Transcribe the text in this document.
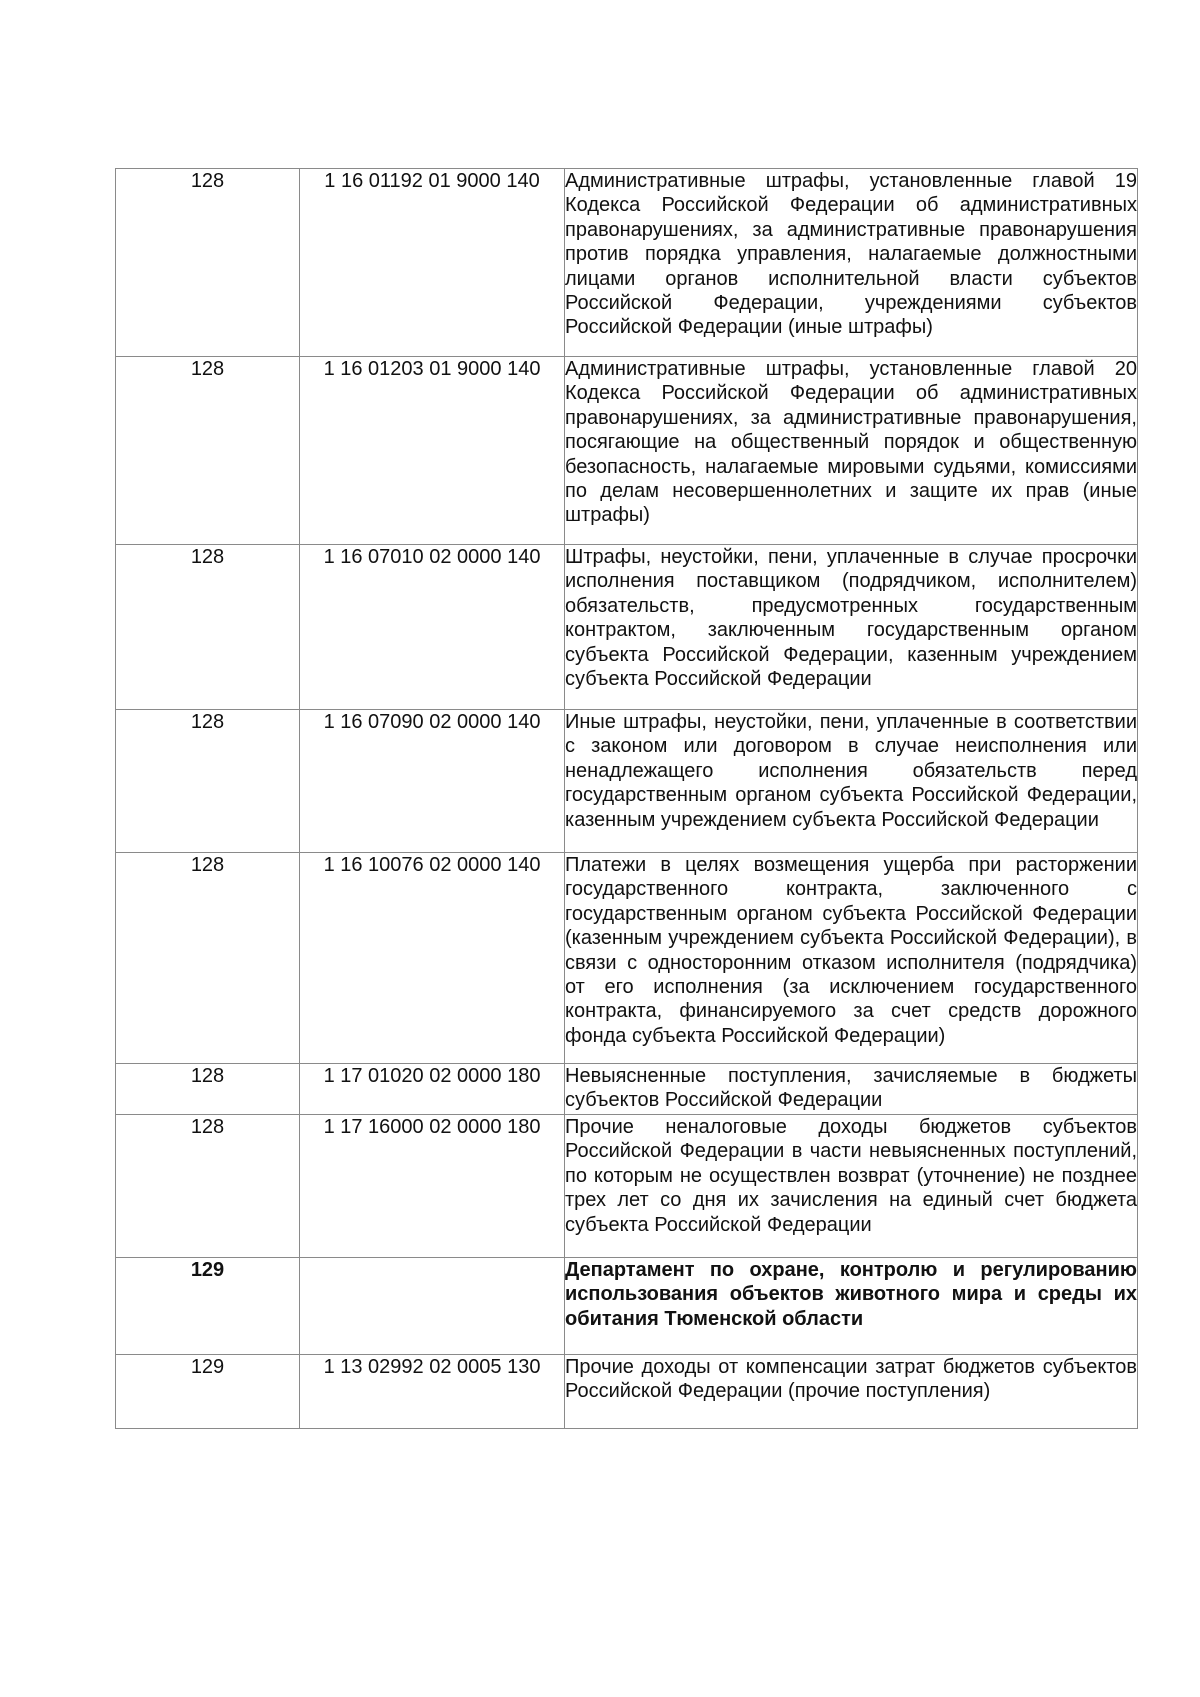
128	1 16 01192 01 9000 140	Административные штрафы, установленные главой 19 Кодекса Российской Федерации об административных правонарушениях, за административные правонарушения против порядка управления, налагаемые должностными лицами органов исполнительной власти субъектов Российской Федерации, учреждениями субъектов Российской Федерации (иные штрафы)

128	1 16 01203 01 9000 140	Административные штрафы, установленные главой 20 Кодекса Российской Федерации об административных правонарушениях, за административные правонарушения, посягающие на общественный порядок и общественную безопасность, налагаемые мировыми судьями, комиссиями по делам несовершеннолетних и защите их прав (иные штрафы)

128	1 16 07010 02 0000 140	Штрафы, неустойки, пени, уплаченные в случае просрочки исполнения поставщиком (подрядчиком, исполнителем) обязательств, предусмотренных государственным контрактом, заключенным государственным органом субъекта Российской Федерации, казенным учреждением субъекта Российской Федерации

128	1 16 07090 02 0000 140	Иные штрафы, неустойки, пени, уплаченные в соответствии с законом или договором в случае неисполнения или ненадлежащего исполнения обязательств перед государственным органом субъекта Российской Федерации, казенным учреждением субъекта Российской Федерации

128	1 16 10076 02 0000 140	Платежи в целях возмещения ущерба при расторжении государственного контракта, заключенного с государственным органом субъекта Российской Федерации (казенным учреждением субъекта Российской Федерации), в связи с односторонним отказом исполнителя (подрядчика) от его исполнения (за исключением государственного контракта, финансируемого за счет средств дорожного фонда субъекта Российской Федерации)

128	1 17 01020 02 0000 180	Невыясненные поступления, зачисляемые в бюджеты субъектов Российской Федерации

128	1 17 16000 02 0000 180	Прочие неналоговые доходы бюджетов субъектов Российской Федерации в части невыясненных поступлений, по которым не осуществлен возврат (уточнение) не позднее трех лет со дня их зачисления на единый счет бюджета субъекта Российской Федерации

129		Департамент по охране, контролю и регулированию использования объектов животного мира и среды их обитания Тюменской области

129	1 13 02992 02 0005 130	Прочие доходы от компенсации затрат бюджетов субъектов Российской Федерации (прочие поступления)
